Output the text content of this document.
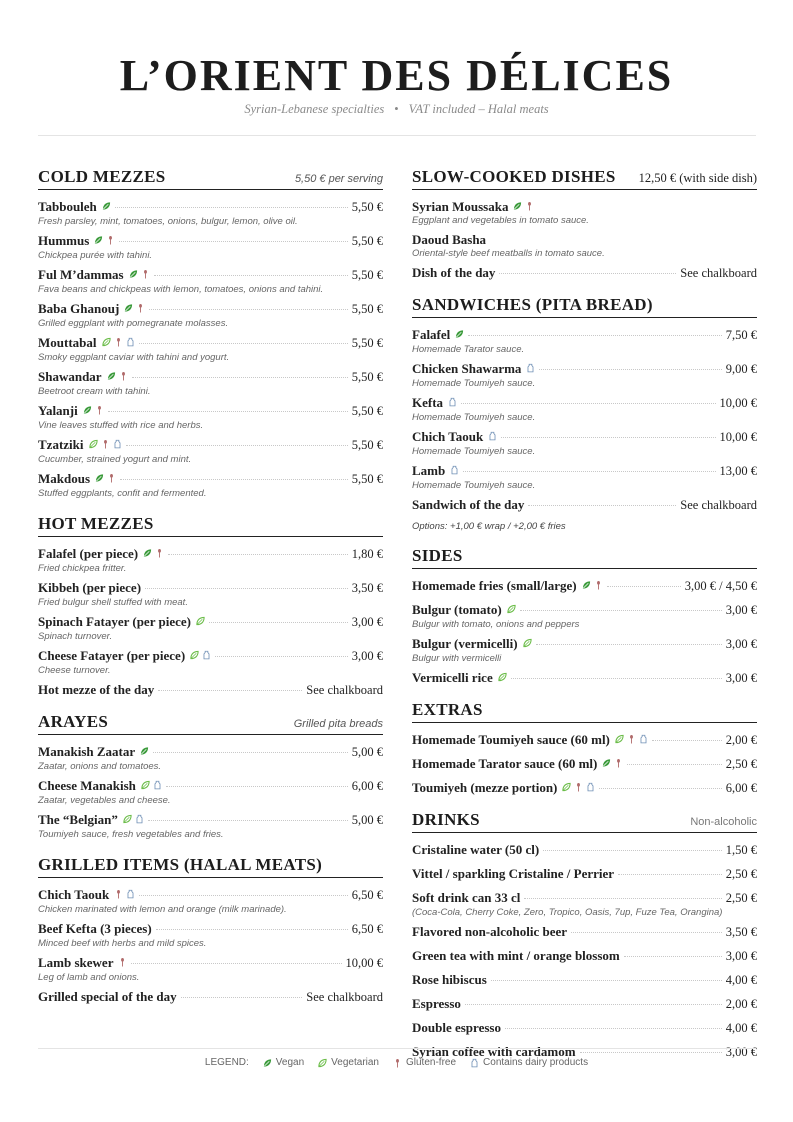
L’ORIENT DES DÉLICES
Syrian-Lebanese specialties • VAT included – Halal meats
COLD MEZZES	5,50 € per serving
Tabbouleh	5,50 €
Fresh parsley, mint, tomatoes, onions, bulgur, lemon, olive oil.
Hummus	5,50 €
Chickpea purée with tahini.
Ful M’dammas	5,50 €
Fava beans and chickpeas with lemon, tomatoes, onions and tahini.
Baba Ghanouj	5,50 €
Grilled eggplant with pomegranate molasses.
Mouttabal	5,50 €
Smoky eggplant caviar with tahini and yogurt.
Shawandar	5,50 €
Beetroot cream with tahini.
Yalanji	5,50 €
Vine leaves stuffed with rice and herbs.
Tzatziki	5,50 €
Cucumber, strained yogurt and mint.
Makdous	5,50 €
Stuffed eggplants, confit and fermented.
HOT MEZZES
Falafel (per piece)	1,80 €
Fried chickpea fritter.
Kibbeh (per piece)	3,50 €
Fried bulgur shell stuffed with meat.
Spinach Fatayer (per piece)	3,00 €
Spinach turnover.
Cheese Fatayer (per piece)	3,00 €
Cheese turnover.
Hot mezze of the day	See chalkboard
ARAYES	Grilled pita breads
Manakish Zaatar	5,00 €
Zaatar, onions and tomatoes.
Cheese Manakish	6,00 €
Zaatar, vegetables and cheese.
The “Belgian”	5,00 €
Toumiyeh sauce, fresh vegetables and fries.
GRILLED ITEMS (HALAL MEATS)
Chich Taouk	6,50 €
Chicken marinated with lemon and orange (milk marinade).
Beef Kefta (3 pieces)	6,50 €
Minced beef with herbs and mild spices.
Lamb skewer	10,00 €
Leg of lamb and onions.
Grilled special of the day	See chalkboard
SLOW-COOKED DISHES 12,50 € (with side dish)
Syrian Moussaka
Eggplant and vegetables in tomato sauce.
Daoud Basha
Oriental-style beef meatballs in tomato sauce.
Dish of the day	See chalkboard
SANDWICHES (PITA BREAD)
Falafel	7,50 €
Homemade Tarator sauce.
Chicken Shawarma	9,00 €
Homemade Toumiyeh sauce.
Kefta	10,00 €
Homemade Toumiyeh sauce.
Chich Taouk	10,00 €
Homemade Toumiyeh sauce.
Lamb	13,00 €
Homemade Toumiyeh sauce.
Sandwich of the day	See chalkboard
Options: +1,00 € wrap / +2,00 € fries
SIDES
Homemade fries (small/large)	3,00 € / 4,50 €
Bulgur (tomato)	3,00 €
Bulgur with tomato, onions and peppers
Bulgur (vermicelli)	3,00 €
Bulgur with vermicelli
Vermicelli rice	3,00 €
EXTRAS
Homemade Toumiyeh sauce (60 ml)	2,00 €
Homemade Tarator sauce (60 ml)	2,50 €
Toumiyeh (mezze portion)	6,00 €
DRINKS	Non-alcoholic
Cristaline water (50 cl)	1,50 €
Vittel / sparkling Cristaline / Perrier	2,50 €
Soft drink can 33 cl	2,50 €
(Coca-Cola, Cherry Coke, Zero, Tropico, Oasis, 7up, Fuze Tea, Orangina)
Flavored non-alcoholic beer	3,50 €
Green tea with mint / orange blossom	3,00 €
Rose hibiscus	4,00 €
Espresso	2,00 €
Double espresso	4,00 €
Syrian coffee with cardamom	3,00 €
LEGEND:	Vegan	Vegetarian	Gluten-free	Contains dairy products
